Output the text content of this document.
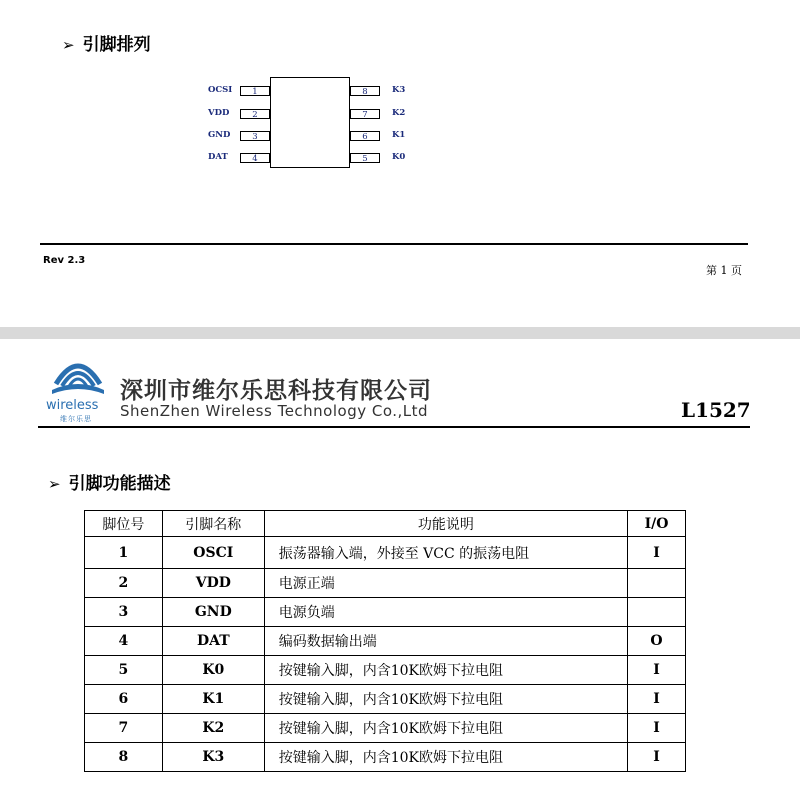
➢ 引脚排列
OCSI
VDD
GND
DAT
1
2
3
4
8
7
6
5
K3
K2
K1
K0
Rev 2.3
第 1 页
wireless
维尔乐思
深圳市维尔乐思科技有限公司
ShenZhen Wireless Technology Co.,Ltd	L1527
➢ 引脚功能描述
脚位号	引脚名称	功能说明	I/O
1	OSCI	振荡器输入端，外接至 VCC 的振荡电阻	I
2	VDD	电源正端	
3	GND	电源负端	
4	DAT	编码数据输出端	O
5	K0	按键输入脚，内含10K欧姆下拉电阻	I
6	K1	按键输入脚，内含10K欧姆下拉电阻	I
7	K2	按键输入脚，内含10K欧姆下拉电阻	I
8	K3	按键输入脚，内含10K欧姆下拉电阻	I
